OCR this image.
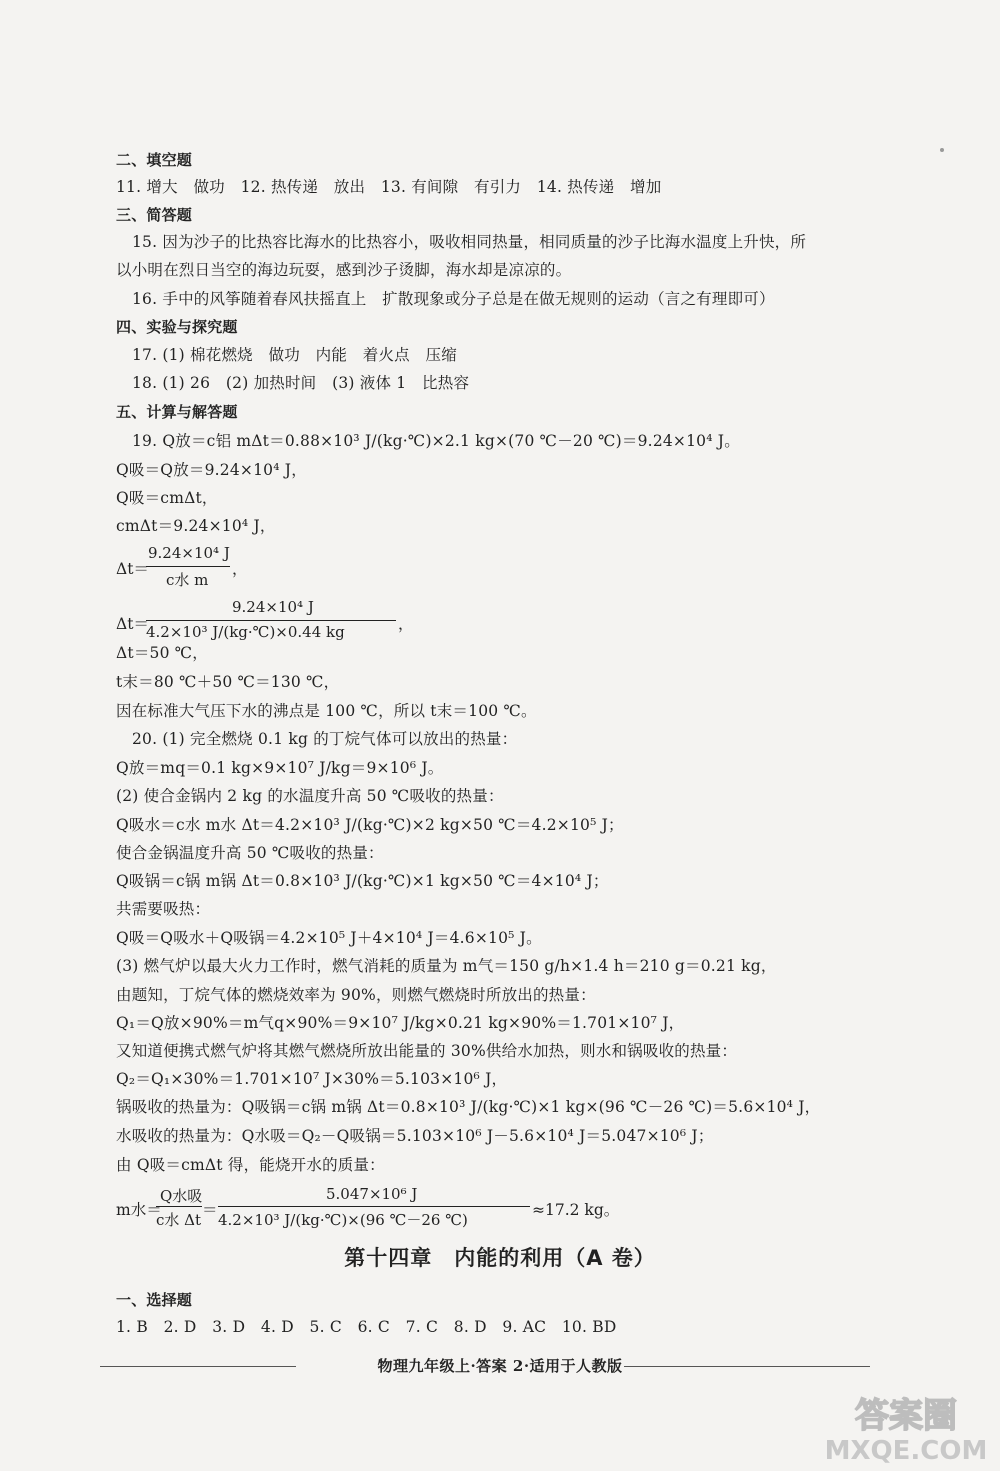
二、填空题
11. 增大　做功　12. 热传递　放出　13. 有间隙　有引力　14. 热传递　增加
三、简答题
15. 因为沙子的比热容比海水的比热容小，吸收相同热量，相同质量的沙子比海水温度上升快，所
以小明在烈日当空的海边玩耍，感到沙子烫脚，海水却是凉凉的。
16. 手中的风筝随着春风扶摇直上　扩散现象或分子总是在做无规则的运动（言之有理即可）
四、实验与探究题
17. (1) 棉花燃烧　做功　内能　着火点　压缩
18. (1) 26　(2) 加热时间　(3) 液体 1　比热容
五、计算与解答题
19. Q放＝c铝 mΔt＝0.88×10³ J/(kg·℃)×2.1 kg×(70 ℃－20 ℃)＝9.24×10⁴ J。
Q吸＝Q放＝9.24×10⁴ J，
Q吸＝cmΔt，
cmΔt＝9.24×10⁴ J，
Δt＝
9.24×10⁴ J
c水 m
，
Δt＝
9.24×10⁴ J
4.2×10³ J/(kg·℃)×0.44 kg	，
Δt＝50 ℃，
t末＝80 ℃＋50 ℃＝130 ℃，
因在标准大气压下水的沸点是 100 ℃，所以 t末＝100 ℃。
20. (1) 完全燃烧 0.1 kg 的丁烷气体可以放出的热量：
Q放＝mq＝0.1 kg×9×10⁷ J/kg＝9×10⁶ J。
(2) 使合金锅内 2 kg 的水温度升高 50 ℃吸收的热量：
Q吸水＝c水 m水 Δt＝4.2×10³ J/(kg·℃)×2 kg×50 ℃＝4.2×10⁵ J；
使合金锅温度升高 50 ℃吸收的热量：
Q吸锅＝c锅 m锅 Δt＝0.8×10³ J/(kg·℃)×1 kg×50 ℃＝4×10⁴ J；
共需要吸热：
Q吸＝Q吸水＋Q吸锅＝4.2×10⁵ J＋4×10⁴ J＝4.6×10⁵ J。
(3) 燃气炉以最大火力工作时，燃气消耗的质量为 m气＝150 g/h×1.4 h＝210 g＝0.21 kg，
由题知，丁烷气体的燃烧效率为 90%，则燃气燃烧时所放出的热量：
Q₁＝Q放×90%＝m气q×90%＝9×10⁷ J/kg×0.21 kg×90%＝1.701×10⁷ J，
又知道便携式燃气炉将其燃气燃烧所放出能量的 30%供给水加热，则水和锅吸收的热量：
Q₂＝Q₁×30%＝1.701×10⁷ J×30%＝5.103×10⁶ J，
锅吸收的热量为：Q吸锅＝c锅 m锅 Δt＝0.8×10³ J/(kg·℃)×1 kg×(96 ℃－26 ℃)＝5.6×10⁴ J，
水吸收的热量为：Q水吸＝Q₂－Q吸锅＝5.103×10⁶ J－5.6×10⁴ J＝5.047×10⁶ J；
由 Q吸＝cmΔt 得，能烧开水的质量：
m水＝
Q水吸
c水 Δt
＝
5.047×10⁶ J
4.2×10³ J/(kg·℃)×(96 ℃－26 ℃)
≈17.2 kg。
第十四章　内能的利用（A 卷）
一、选择题
1. B　2. D　3. D　4. D　5. C　6. C　7. C　8. D　9. AC　10. BD
物理九年级上·答案 2·适用于人教版
答案圈
MXQE.COM
